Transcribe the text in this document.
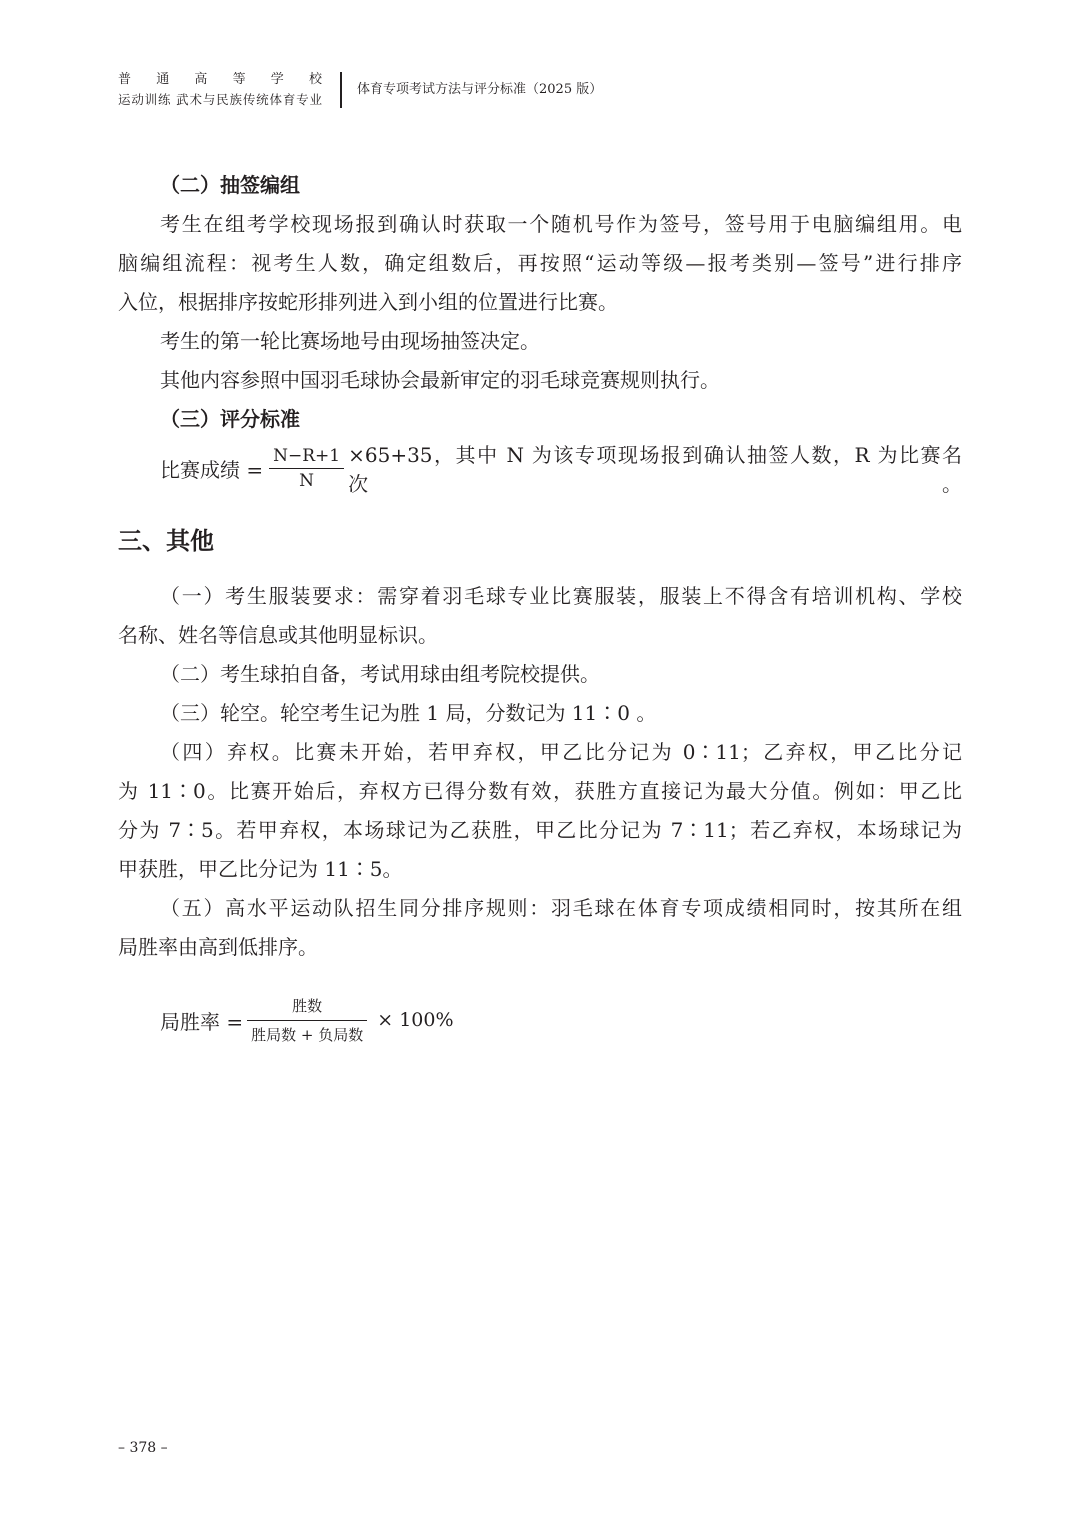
普 通 高 等 学 校
运动训练 武术与民族传统体育专业
体育专项考试方法与评分标准（2025 版）
（二）抽签编组
考生在组考学校现场报到确认时获取一个随机号作为签号，签号用于电脑编组用。电
脑编组流程：视考生人数，确定组数后，再按照“运动等级—报考类别—签号”进行排序
入位，根据排序按蛇形排列进入到小组的位置进行比赛。
考生的第一轮比赛场地号由现场抽签决定。
其他内容参照中国羽毛球协会最新审定的羽毛球竞赛规则执行。
（三）评分标准
比赛成绩 = $\frac{N-R+1}{N} \times 65+35$，其中 N 为该专项现场报到确认抽签人数，R 为比赛名次。
三、其他
（一）考生服装要求：需穿着羽毛球专业比赛服装，服装上不得含有培训机构、学校
名称、姓名等信息或其他明显标识。
（二）考生球拍自备，考试用球由组考院校提供。
（三）轮空。轮空考生记为胜 1 局，分数记为 11∶0 。
（四）弃权。比赛未开始，若甲弃权，甲乙比分记为 0∶11；乙弃权，甲乙比分记
为 11∶0。比赛开始后，弃权方已得分数有效，获胜方直接记为最大分值。例如：甲乙比
分为 7∶5。若甲弃权，本场球记为乙获胜，甲乙比分记为 7∶11；若乙弃权，本场球记为
甲获胜，甲乙比分记为 11∶5。
（五）高水平运动队招生同分排序规则：羽毛球在体育专项成绩相同时，按其所在组
局胜率由高到低排序。
局胜率 = $\frac{\text{胜数}}{\text{胜局数 + 负局数}} \times 100\%$
– 378 –
